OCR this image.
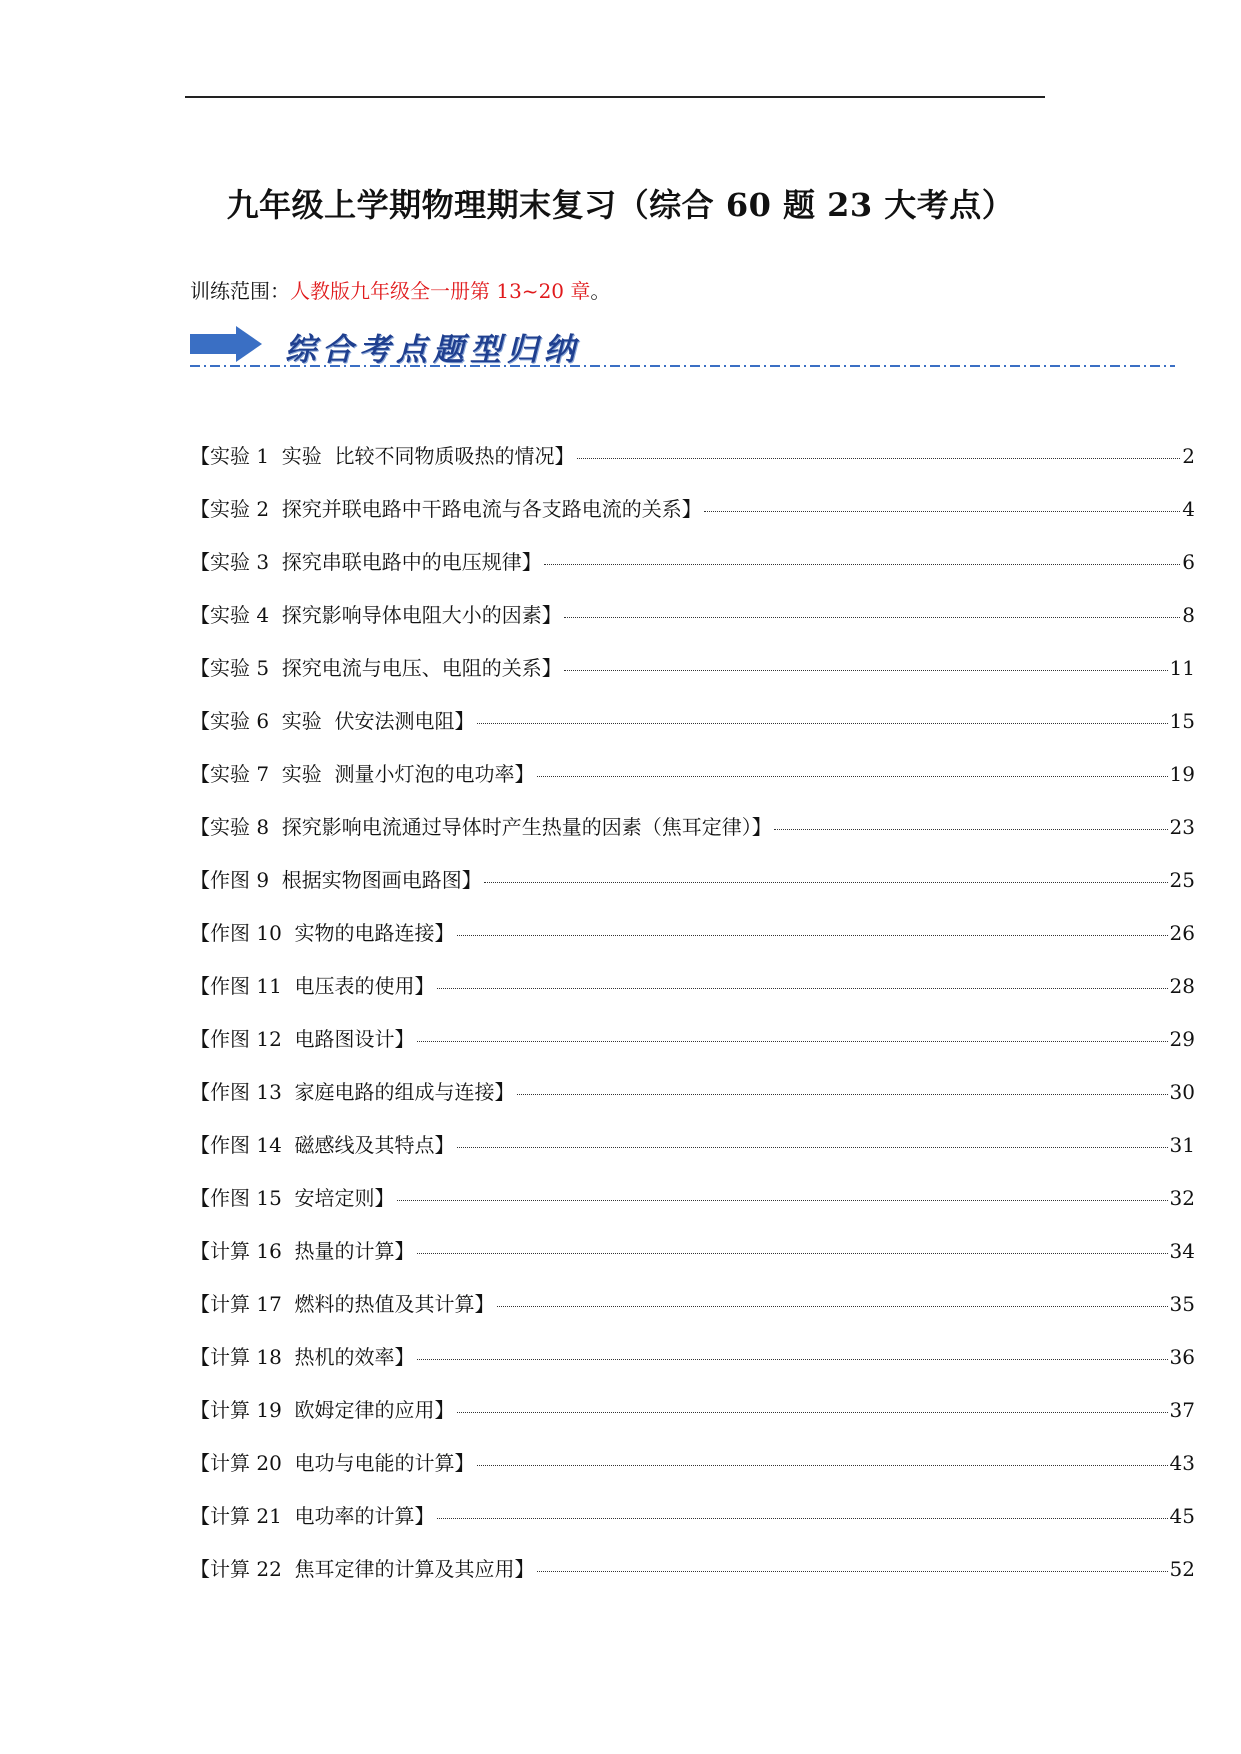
九年级上学期物理期末复习（综合 60 题 23 大考点）
训练范围：人教版九年级全一册第 13~20 章。
综合考点题型归纳
【实验 1  实验  比较不同物质吸热的情况】	2
【实验 2  探究并联电路中干路电流与各支路电流的关系】	4
【实验 3  探究串联电路中的电压规律】	6
【实验 4  探究影响导体电阻大小的因素】	8
【实验 5  探究电流与电压、电阻的关系】	11
【实验 6  实验  伏安法测电阻】	15
【实验 7  实验  测量小灯泡的电功率】	19
【实验 8  探究影响电流通过导体时产生热量的因素（焦耳定律）】	23
【作图 9  根据实物图画电路图】	25
【作图 10  实物的电路连接】	26
【作图 11  电压表的使用】	28
【作图 12  电路图设计】	29
【作图 13  家庭电路的组成与连接】	30
【作图 14  磁感线及其特点】	31
【作图 15  安培定则】	32
【计算 16  热量的计算】	34
【计算 17  燃料的热值及其计算】	35
【计算 18  热机的效率】	36
【计算 19  欧姆定律的应用】	37
【计算 20  电功与电能的计算】	43
【计算 21  电功率的计算】	45
【计算 22  焦耳定律的计算及其应用】	52
